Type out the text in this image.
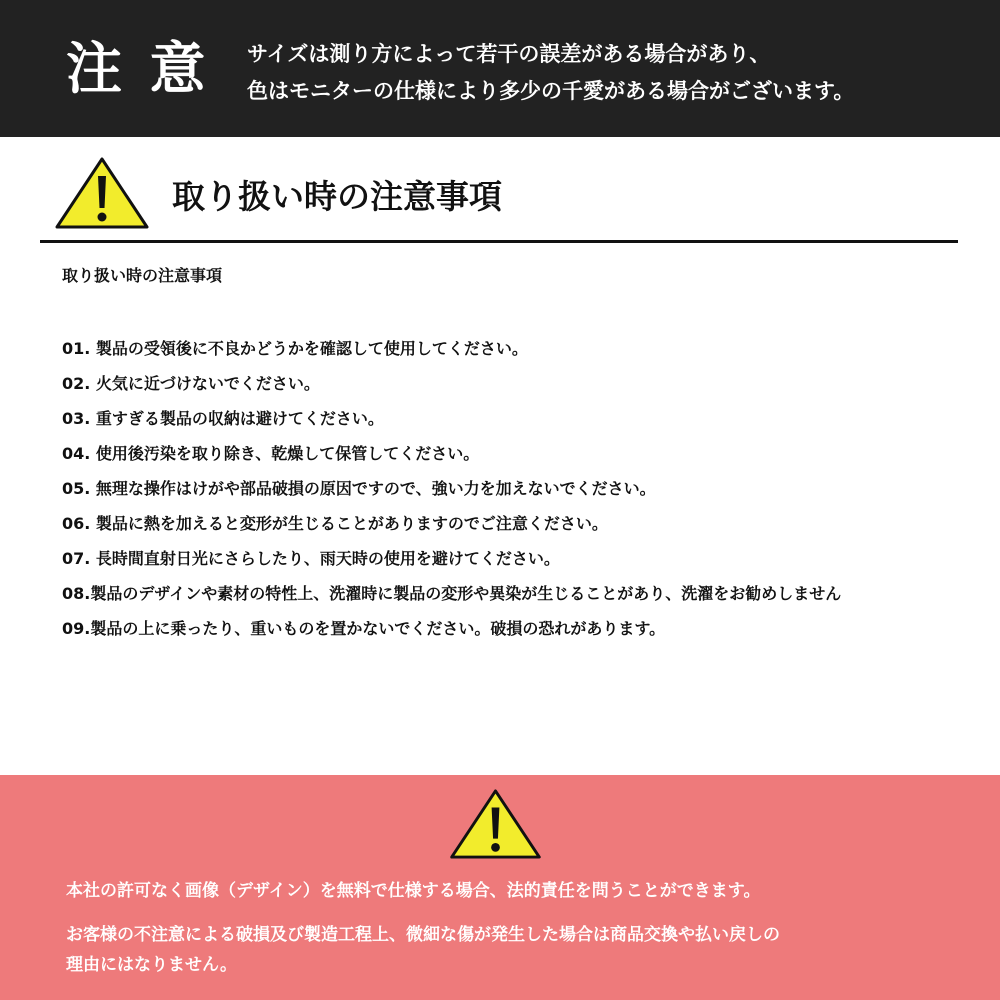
注 意 サイズは測り方によって若干の誤差がある場合があり、
色はモニターの仕様により多少の千愛がある場合がございます。
取り扱い時の注意事項
取り扱い時の注意事項
01. 製品の受領後に不良かどうかを確認して使用してください。
02. 火気に近づけないでください。
03. 重すぎる製品の収納は避けてください。
04. 使用後汚染を取り除き、乾燥して保管してください。
05. 無理な操作はけがや部品破損の原因ですので、強い力を加えないでください。
06. 製品に熱を加えると変形が生じることがありますのでご注意ください。
07. 長時間直射日光にさらしたり、雨天時の使用を避けてください。
08.製品のデザインや素材の特性上、洗濯時に製品の変形や異染が生じることがあり、洗濯をお勧めしません
09.製品の上に乗ったり、重いものを置かないでください。破損の恐れがあります。

本社の許可なく画像（デザイン）を無料で仕様する場合、法的責任を問うことができます。

お客様の不注意による破損及び製造工程上、微細な傷が発生した場合は商品交換や払い戻しの

理由にはなりません。
